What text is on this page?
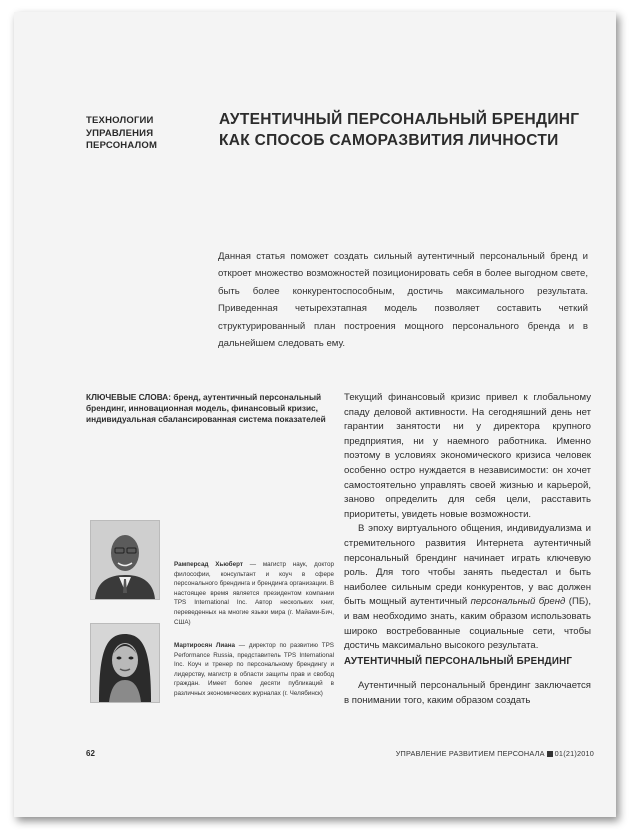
ТЕХНОЛОГИИ
УПРАВЛЕНИЯ
ПЕРСОНАЛОМ
АУТЕНТИЧНЫЙ ПЕРСОНАЛЬНЫЙ БРЕНДИНГ
КАК СПОСОБ САМОРАЗВИТИЯ ЛИЧНОСТИ
Данная статья поможет создать сильный аутентичный персональный бренд и откроет множество возможностей позиционировать себя в более выгодном свете, быть более конкурентоспособным, достичь максимального результата. Приведенная четырехэтапная модель позволяет составить четкий структурированный план построения мощного персонального бренда и в дальнейшем следовать ему.
КЛЮЧЕВЫЕ СЛОВА: бренд, аутентичный персональный брендинг, инновационная модель, финансовый кризис, индивидуальная сбалансированная система показателей
Рамперсад Хьюберт — магистр наук, доктор философии, консультант и коуч в сфере персонального брендинга и брендинга организации. В настоящее время является президентом компании TPS International Inc. Автор нескольких книг, переведенных на многие языки мира (г. Майами-Бич, США)
Мартиросян Лиана — директор по развитию TPS Performance Russia, представитель TPS International Inc. Коуч и тренер по персональному брендингу и лидерству, магистр в области защиты прав и свобод граждан. Имеет более десяти публикаций в различных экономических журналах (г. Челябинск)

Текущий финансовый кризис привел к глобальному спаду деловой активности. На сегодняшний день нет гарантии занятости ни у директора крупного предприятия, ни у наемного работника. Именно поэтому в условиях экономического кризиса человек особенно остро нуждается в независимости: он хочет самостоятельно управлять своей жизнью и карьерой, заново определить для себя цели, расставить приоритеты, увидеть новые возможности.

В эпоху виртуального общения, индивидуализма и стремительного развития Интернета аутентичный персональный брендинг начинает играть ключевую роль. Для того чтобы занять пьедестал и быть наиболее сильным среди конкурентов, у вас должен быть мощный аутентичный персональный бренд (ПБ), и вам необходимо знать, каким образом использовать широко востребованные социальные сети, чтобы достичь максимально высокого результата.

АУТЕНТИЧНЫЙ ПЕРСОНАЛЬНЫЙ БРЕНДИНГ
Аутентичный персональный брендинг заключается в понимании того, каким образом создать
62	УПРАВЛЕНИЕ РАЗВИТИЕМ ПЕРСОНАЛА 01(21)2010
